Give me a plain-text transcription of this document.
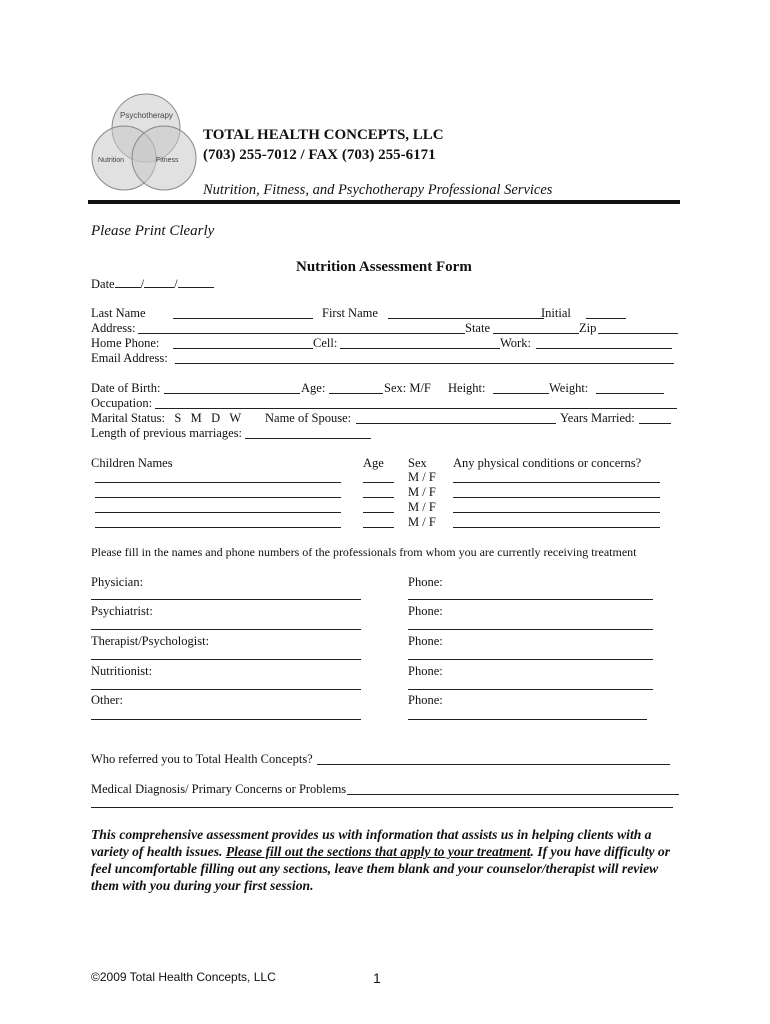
Psychotherapy
Nutrition	Fitness
TOTAL HEALTH CONCEPTS, LLC
(703) 255-7012 / FAX (703) 255-6171
Nutrition, Fitness, and Psychotherapy Professional Services
Please Print Clearly
Nutrition Assessment Form
Date / /
Last Name	First Name	Initial
Address:	State	Zip
Home Phone:	Cell:	Work:
Email Address:
Date of Birth:	Age:	Sex: M/F Height:	Weight:
Occupation:
Marital Status:   S   M   D   W Name of Spouse:	Years Married:
Length of previous marriages:
Children Names	Age Sex Any physical conditions or concerns?
M / F
M / F
M / F
M / F
Please fill in the names and phone numbers of the professionals from whom you are currently receiving treatment
Physician:	Phone:
Psychiatrist:	Phone:
Therapist/Psychologist:	Phone:
Nutritionist:	Phone:
Other:	Phone:
Who referred you to Total Health Concepts?
Medical Diagnosis/ Primary Concerns or Problems
This comprehensive assessment provides us with information that assists us in helping clients with a variety of health issues. Please fill out the sections that apply to your treatment. If you have difficulty or feel uncomfortable filling out any sections, leave them blank and your counselor/therapist will review them with you during your first session.
©2009 Total Health Concepts, LLC	1
